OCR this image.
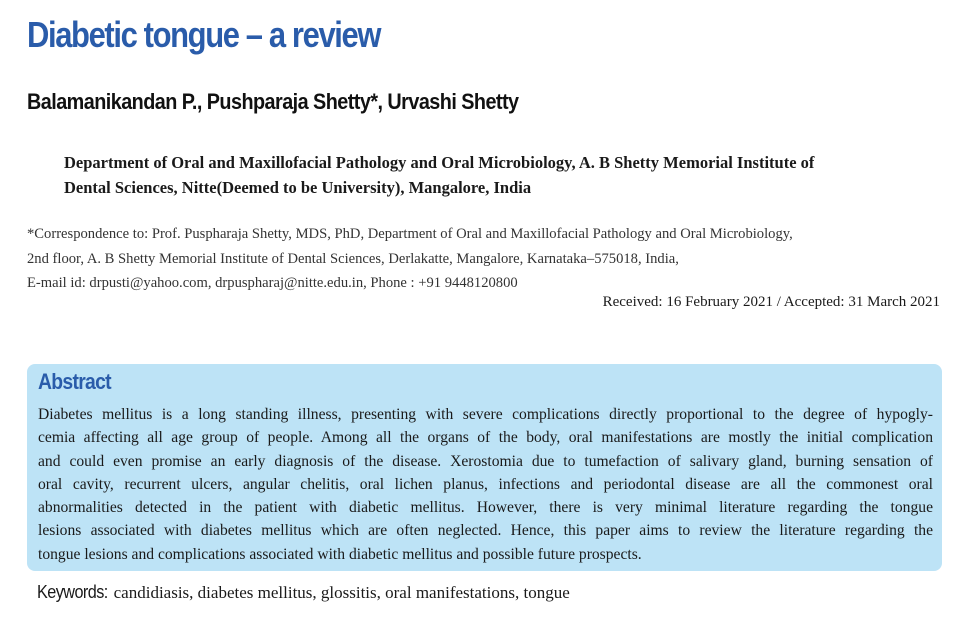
Diabetic tongue – a review
Balamanikandan P., Pushparaja Shetty*, Urvashi Shetty

Department of Oral and Maxillofacial Pathology and Oral Microbiology, A. B Shetty Memorial Institute of
Dental Sciences, Nitte(Deemed to be University), Mangalore, India

*Correspondence to: Prof. Puspharaja Shetty, MDS, PhD, Department of Oral and Maxillofacial Pathology and Oral Microbiology,
2nd floor, A. B Shetty Memorial Institute of Dental Sciences, Derlakatte, Mangalore, Karnataka–575018, India,
E-mail id: drpusti@yahoo.com, drpuspharaj@nitte.edu.in, Phone : +91 9448120800

Received: 16 February 2021 / Accepted: 31 March 2021

Abstract

Diabetes mellitus is a long standing illness, presenting with severe complications directly proportional to the degree of hypogly-
cemia affecting all age group of people. Among all the organs of the body, oral manifestations are mostly the initial complication
and could even promise an early diagnosis of the disease. Xerostomia due to tumefaction of salivary gland, burning sensation of
oral cavity, recurrent ulcers, angular chelitis, oral lichen planus, infections and periodontal disease are all the commonest oral
abnormalities detected in the patient with diabetic mellitus. However, there is very minimal literature regarding the tongue
lesions associated with diabetes mellitus which are often neglected. Hence, this paper aims to review the literature regarding the
tongue lesions and complications associated with diabetic mellitus and possible future prospects.

Keywords: candidiasis, diabetes mellitus, glossitis, oral manifestations, tongue
